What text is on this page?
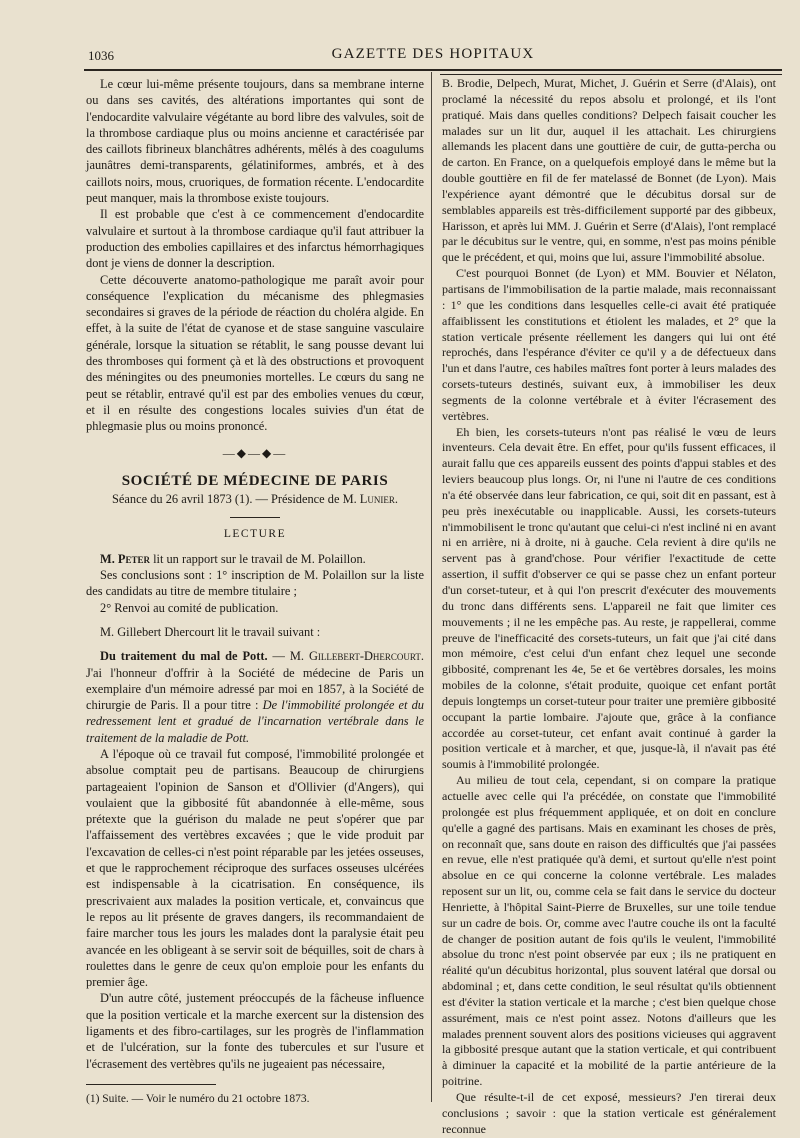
1036	GAZETTE DES HOPITAUX

Le cœur lui-même présente toujours, dans sa membrane interne ou dans ses cavités, des altérations importantes qui sont de l'endocardite valvulaire végétante au bord libre des valvules, soit de la thrombose cardiaque plus ou moins ancienne et caractérisée par des caillots fibrineux blanchâtres adhérents, mêlés à des coagulums jaunâtres demi-transparents, gélatiniformes, ambrés, et à des caillots noirs, mous, cruoriques, de formation récente. L'endocardite peut manquer, mais la thrombose existe toujours.

Il est probable que c'est à ce commencement d'endocardite valvulaire et surtout à la thrombose cardiaque qu'il faut attribuer la production des embolies capillaires et des infarctus hémorrhagiques dont je viens de donner la description.

Cette découverte anatomo-pathologique me paraît avoir pour conséquence l'explication du mécanisme des phlegmasies secondaires si graves de la période de réaction du choléra algide. En effet, à la suite de l'état de cyanose et de stase sanguine vasculaire générale, lorsque la situation se rétablit, le sang pousse devant lui des thromboses qui forment çà et là des obstructions et provoquent des méningites ou des pneumonies mortelles. Le cœurs du sang ne peut se rétablir, entravé qu'il est par des embolies venues du cœur, et il en résulte des congestions locales suivies d'un état de phlegmasie plus ou moins prononcé.

—◆—◆—
SOCIÉTÉ DE MÉDECINE DE PARIS
Séance du 26 avril 1873 (1). — Présidence de M. Lunier.
LECTURE

M. Peter lit un rapport sur le travail de M. Polaillon.

Ses conclusions sont : 1° inscription de M. Polaillon sur la liste des candidats au titre de membre titulaire ;

2° Renvoi au comité de publication.

M. Gillebert Dhercourt lit le travail suivant :

Du traitement du mal de Pott. — M. Gillebert-Dhercourt. J'ai l'honneur d'offrir à la Société de médecine de Paris un exemplaire d'un mémoire adressé par moi en 1857, à la Société de chirurgie de Paris. Il a pour titre : De l'immobilité prolongée et du redressement lent et gradué de l'incarnation vertébrale dans le traitement de la maladie de Pott.

A l'époque où ce travail fut composé, l'immobilité prolongée et absolue comptait peu de partisans. Beaucoup de chirurgiens partageaient l'opinion de Sanson et d'Ollivier (d'Angers), qui voulaient que la gibbosité fût abandonnée à elle-même, sous prétexte que la guérison du malade ne peut s'opérer que par l'affaissement des vertèbres excavées ; que le vide produit par l'excavation de celles-ci n'est point réparable par les jetées osseuses, et que le rapprochement réciproque des surfaces osseuses ulcérées est indispensable à la cicatrisation. En conséquence, ils prescrivaient aux malades la position verticale, et, convaincus que le repos au lit présente de graves dangers, ils recommandaient de faire marcher tous les jours les malades dont la paralysie était peu avancée en les obligeant à se servir soit de béquilles, soit de chars à roulettes dans le genre de ceux qu'on emploie pour les enfants du premier âge.

D'un autre côté, justement préoccupés de la fâcheuse influence que la position verticale et la marche exercent sur la distension des ligaments et des fibro-cartilages, sur les progrès de l'inflammation et de l'ulcération, sur la fonte des tubercules et sur l'usure et l'écrasement des vertèbres qu'ils ne jugeaient pas nécessaire,

(1) Suite. — Voir le numéro du 21 octobre 1873.

B. Brodie, Delpech, Murat, Michet, J. Guérin et Serre (d'Alais), ont proclamé la nécessité du repos absolu et prolongé, et ils l'ont pratiqué. Mais dans quelles conditions? Delpech faisait coucher les malades sur un lit dur, auquel il les attachait. Les chirurgiens allemands les placent dans une gouttière de cuir, de gutta-percha ou de carton. En France, on a quelquefois employé dans le même but la double gouttière en fil de fer matelassé de Bonnet (de Lyon). Mais l'expérience ayant démontré que le décubitus dorsal sur de semblables appareils est très-difficilement supporté par des gibbeux, Harisson, et après lui MM. J. Guérin et Serre (d'Alais), l'ont remplacé par le décubitus sur le ventre, qui, en somme, n'est pas moins pénible que le précédent, et qui, moins que lui, assure l'immobilité absolue.

C'est pourquoi Bonnet (de Lyon) et MM. Bouvier et Nélaton, partisans de l'immobilisation de la partie malade, mais reconnaissant : 1° que les conditions dans lesquelles celle-ci avait été pratiquée affaiblissent les constitutions et étiolent les malades, et 2° que la station verticale présente réellement les dangers qui lui ont été reprochés, dans l'espérance d'éviter ce qu'il y a de défectueux dans l'un et dans l'autre, ces habiles maîtres font porter à leurs malades des corsets-tuteurs destinés, suivant eux, à immobiliser les deux segments de la colonne vertébrale et à éviter l'écrasement des vertèbres.

Eh bien, les corsets-tuteurs n'ont pas réalisé le vœu de leurs inventeurs. Cela devait être. En effet, pour qu'ils fussent efficaces, il aurait fallu que ces appareils eussent des points d'appui stables et des leviers beaucoup plus longs. Or, ni l'une ni l'autre de ces conditions n'a été observée dans leur fabrication, ce qui, soit dit en passant, est à peu près inexécutable ou inapplicable. Aussi, les corsets-tuteurs n'immobilisent le tronc qu'autant que celui-ci n'est incliné ni en avant ni en arrière, ni à droite, ni à gauche. Cela revient à dire qu'ils ne servent pas à grand'chose. Pour vérifier l'exactitude de cette assertion, il suffit d'observer ce qui se passe chez un enfant porteur d'un corset-tuteur, et à qui l'on prescrit d'exécuter des mouvements du tronc dans différents sens. L'appareil ne fait que limiter ces mouvements ; il ne les empêche pas. Au reste, je rappellerai, comme preuve de l'inefficacité des corsets-tuteurs, un fait que j'ai cité dans mon mémoire, c'est celui d'un enfant chez lequel une seconde gibbosité, comprenant les 4e, 5e et 6e vertèbres dorsales, les moins mobiles de la colonne, s'était produite, quoique cet enfant portât depuis longtemps un corset-tuteur pour traiter une première gibbosité occupant la partie lombaire. J'ajoute que, grâce à la confiance accordée au corset-tuteur, cet enfant avait continué à garder la position verticale et à marcher, et que, jusque-là, il n'avait pas été soumis à l'immobilité prolongée.

Au milieu de tout cela, cependant, si on compare la pratique actuelle avec celle qui l'a précédée, on constate que l'immobilité prolongée est plus fréquemment appliquée, et on doit en conclure qu'elle a gagné des partisans. Mais en examinant les choses de près, on reconnaît que, sans doute en raison des difficultés que j'ai passées en revue, elle n'est pratiquée qu'à demi, et surtout qu'elle n'est point absolue en ce qui concerne la colonne vertébrale. Les malades reposent sur un lit, ou, comme cela se fait dans le service du docteur Henriette, à l'hôpital Saint-Pierre de Bruxelles, sur une toile tendue sur un cadre de bois. Or, comme avec l'autre couche ils ont la faculté de changer de position autant de fois qu'ils le veulent, l'immobilité absolue du tronc n'est point observée par eux ; ils ne pratiquent en réalité qu'un décubitus horizontal, plus souvent latéral que dorsal ou abdominal ; et, dans cette condition, le seul résultat qu'ils obtiennent est d'éviter la station verticale et la marche ; c'est bien quelque chose assurément, mais ce n'est point assez. Notons d'ailleurs que les malades prennent souvent alors des positions vicieuses qui aggravent la gibbosité presque autant que la station verticale, et qui contribuent à diminuer la capacité et la mobilité de la partie antérieure de la poitrine.

Que résulte-t-il de cet exposé, messieurs? J'en tirerai deux conclusions ; savoir : que la station verticale est généralement reconnue
